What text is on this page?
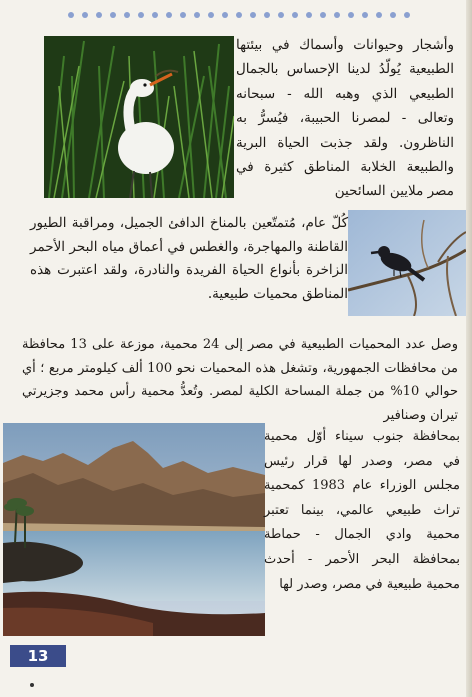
وأشجار وحيوانات وأسماك في بيئتها الطبيعية يُولّدُ لدينا الإحساس بالجمال الطبيعي الذي وهبه الله - سبحانه وتعالى - لمصرنا الحبيبة، فيُسرُّ به الناظرون. ولقد جذبت الحياة البرية والطبيعة الخلابة المناطق كثيرة في مصر ملايين السائحين

كُلّ عام، مُتمتّعين بالمناخ الدافئ الجميل، ومراقبة الطيور القاطنة والمهاجرة، والغطس في أعماق مياه البحر الأحمر الزاخرة بأنواع الحياة الفريدة والنادرة، ولقد اعتبرت هذه المناطق محميات طبيعية.

وصل عدد المحميات الطبيعية في مصر إلى 24 محمية، موزعة على 13 محافظة من محافظات الجمهورية، وتشغل هذه المحميات نحو 100 ألف كيلومتر مربع ؛ أي حوالي 10% من جملة المساحة الكلية لمصر. وتُعدُّ محمية رأس محمد وجزيرتي تيران وصنافير

بمحافظة جنوب سيناء أوّل محمية في مصر، وصدر لها قرار رئيس مجلس الوزراء عام 1983 كمحمية تراث طبيعي عالمي، بينما تعتبر محمية وادي الجمال - حماطة بمحافظة البحر الأحمر - أحدث محمية طبيعية في مصر، وصدر لها

13
